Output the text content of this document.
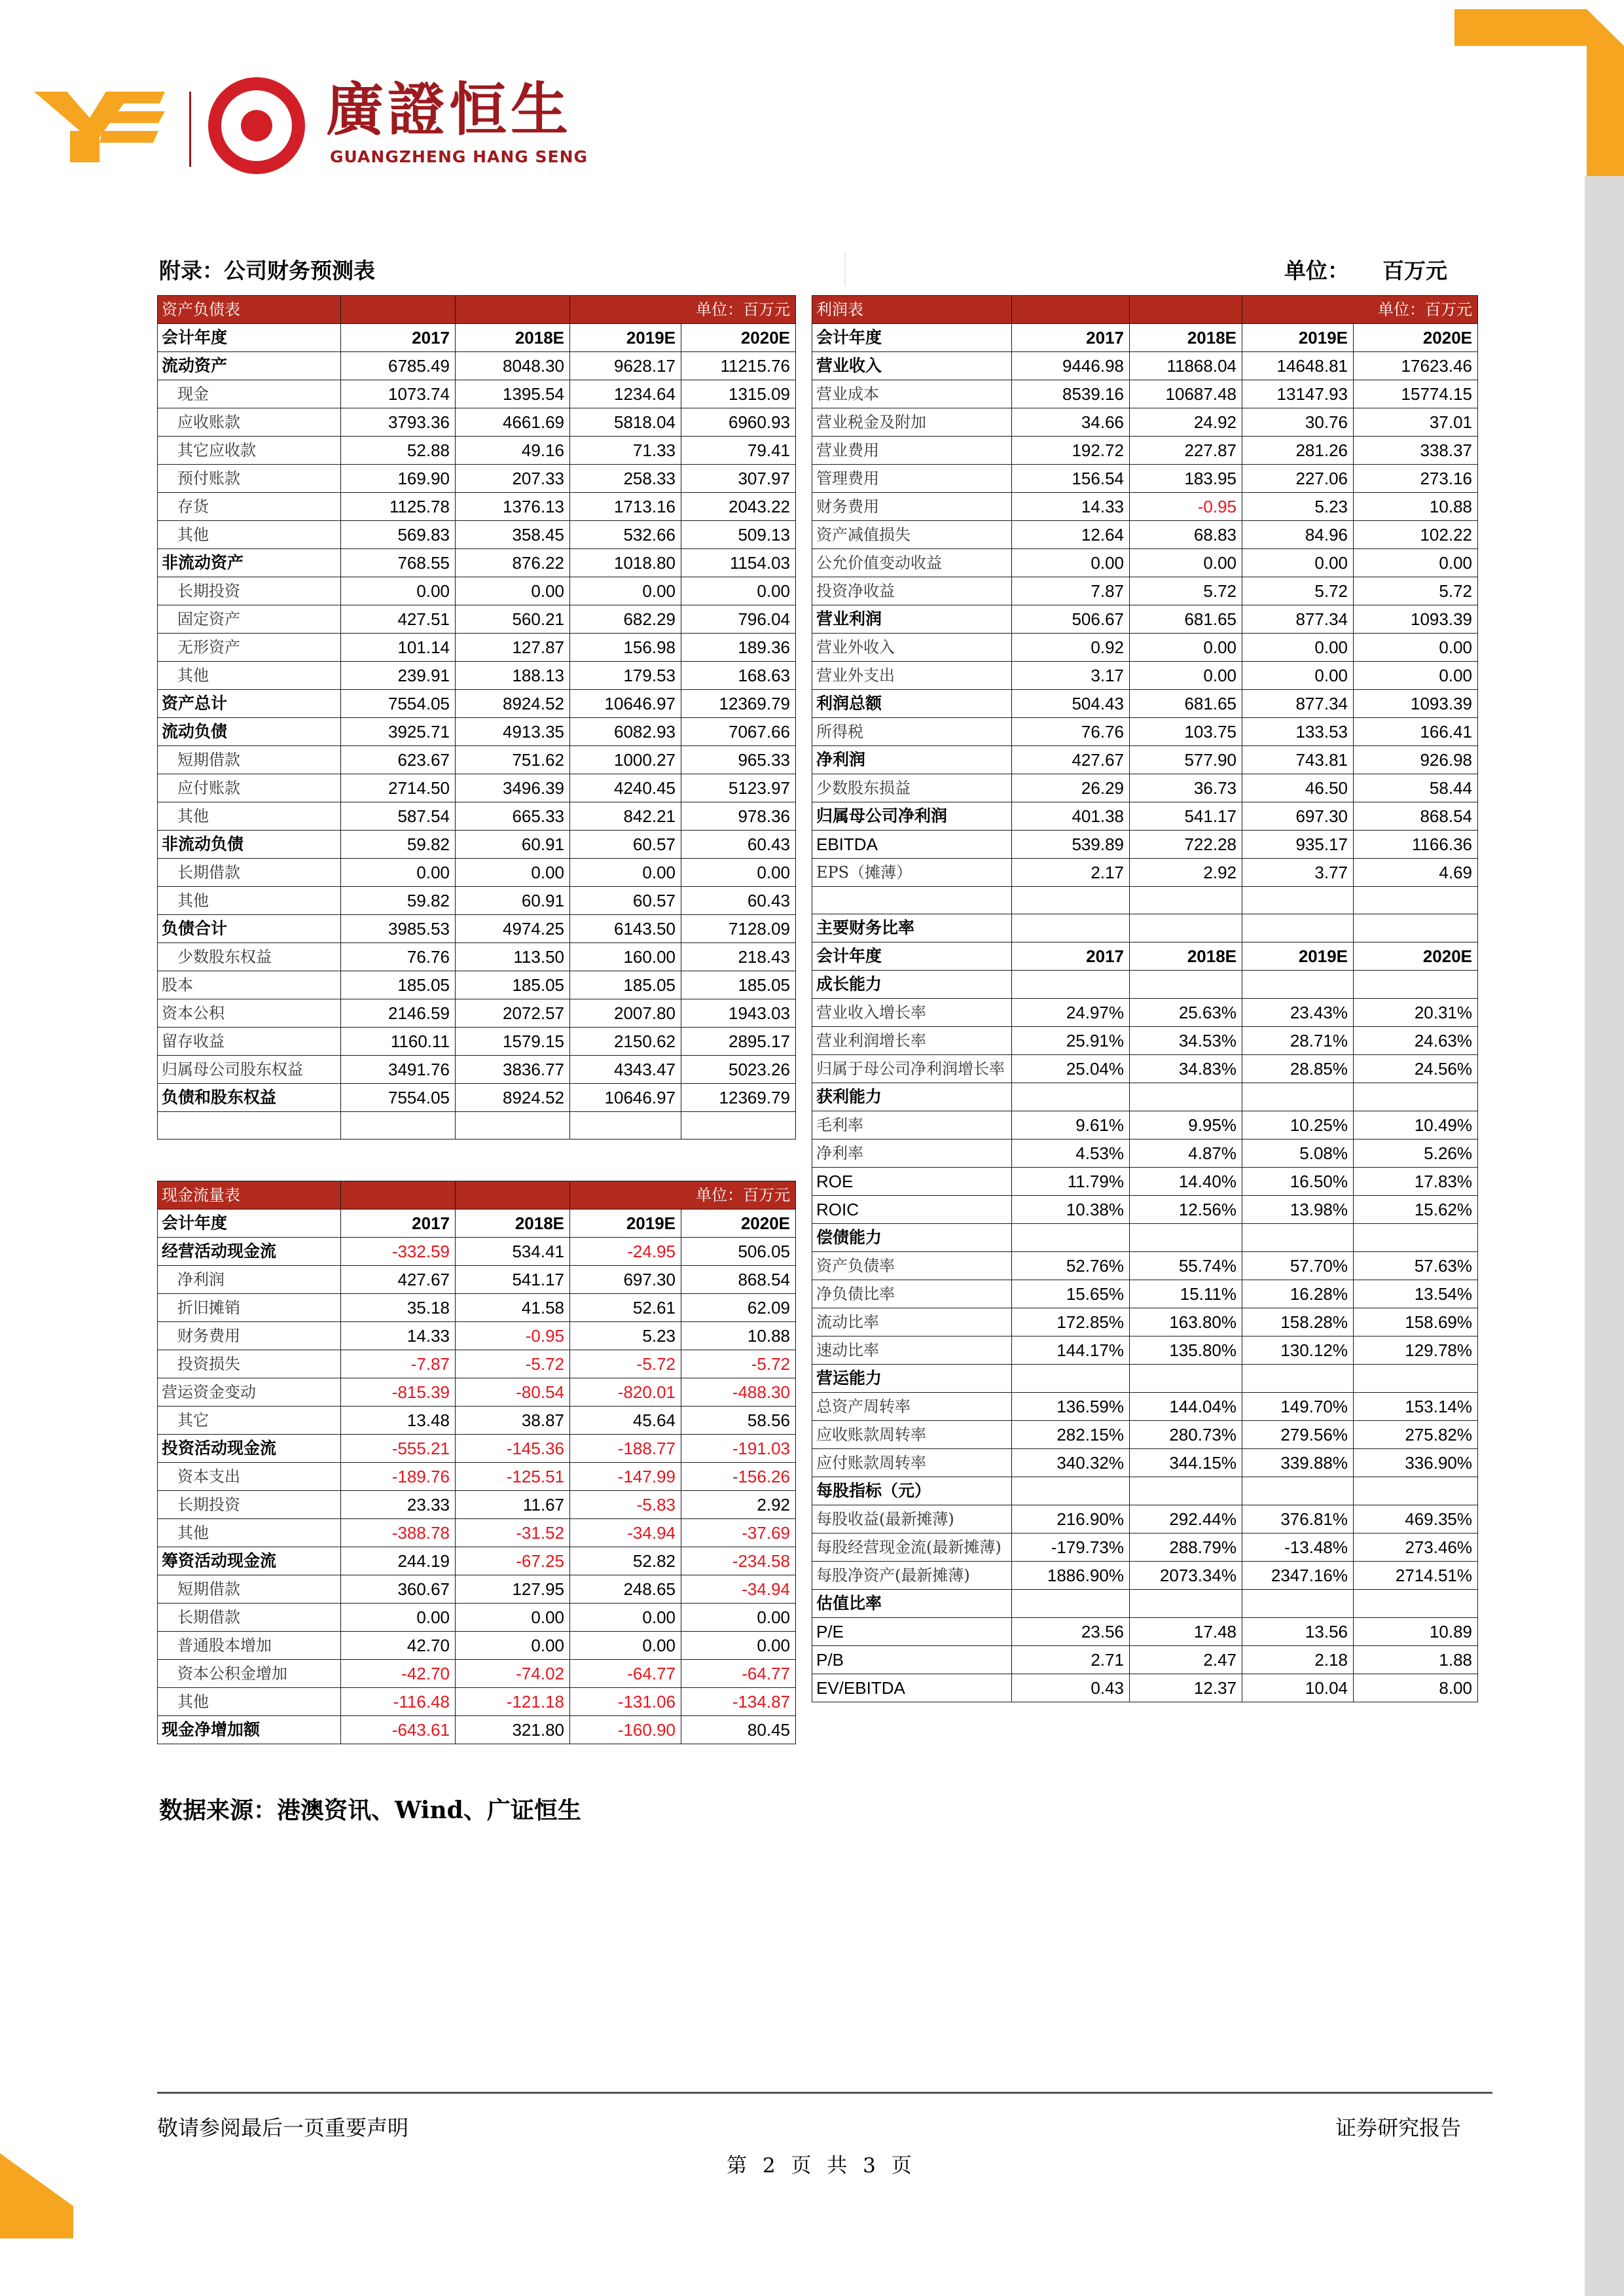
廣證恒生
GUANGZHENG HANG SENG
附录：公司财务预测表	单位： 百万元
资产负债表			单位：百万元	
会计年度	2017	2018E	2019E	2020E
流动资产	6785.49	8048.30	9628.17	11215.76
现金	1073.74	1395.54	1234.64	1315.09
应收账款	3793.36	4661.69	5818.04	6960.93
其它应收款	52.88	49.16	71.33	79.41
预付账款	169.90	207.33	258.33	307.97
存货	1125.78	1376.13	1713.16	2043.22
其他	569.83	358.45	532.66	509.13
非流动资产	768.55	876.22	1018.80	1154.03
长期投资	0.00	0.00	0.00	0.00
固定资产	427.51	560.21	682.29	796.04
无形资产	101.14	127.87	156.98	189.36
其他	239.91	188.13	179.53	168.63
资产总计	7554.05	8924.52	10646.97	12369.79
流动负债	3925.71	4913.35	6082.93	7067.66
短期借款	623.67	751.62	1000.27	965.33
应付账款	2714.50	3496.39	4240.45	5123.97
其他	587.54	665.33	842.21	978.36
非流动负债	59.82	60.91	60.57	60.43
长期借款	0.00	0.00	0.00	0.00
其他	59.82	60.91	60.57	60.43
负债合计	3985.53	4974.25	6143.50	7128.09
少数股东权益	76.76	113.50	160.00	218.43
股本	185.05	185.05	185.05	185.05
资本公积	2146.59	2072.57	2007.80	1943.03
留存收益	1160.11	1579.15	2150.62	2895.17
归属母公司股东权益	3491.76	3836.77	4343.47	5023.26
负债和股东权益	7554.05	8924.52	10646.97	12369.79

利润表			单位：百万元	
会计年度	2017	2018E	2019E	2020E
营业收入	9446.98	11868.04	14648.81	17623.46
营业成本	8539.16	10687.48	13147.93	15774.15
营业税金及附加	34.66	24.92	30.76	37.01
营业费用	192.72	227.87	281.26	338.37
管理费用	156.54	183.95	227.06	273.16
财务费用	14.33	-0.95	5.23	10.88
资产减值损失	12.64	68.83	84.96	102.22
公允价值变动收益	0.00	0.00	0.00	0.00
投资净收益	7.87	5.72	5.72	5.72
营业利润	506.67	681.65	877.34	1093.39
营业外收入	0.92	0.00	0.00	0.00
营业外支出	3.17	0.00	0.00	0.00
利润总额	504.43	681.65	877.34	1093.39
所得税	76.76	103.75	133.53	166.41
净利润	427.67	577.90	743.81	926.98
少数股东损益	26.29	36.73	46.50	58.44
归属母公司净利润	401.38	541.17	697.30	868.54
EBITDA	539.89	722.28	935.17	1166.36
EPS（摊薄）	2.17	2.92	3.77	4.69

主要财务比率				
会计年度	2017	2018E	2019E	2020E
成长能力				
营业收入增长率	24.97%	25.63%	23.43%	20.31%
营业利润增长率	25.91%	34.53%	28.71%	24.63%
归属于母公司净利润增长率	25.04%	34.83%	28.85%	24.56%
获利能力				
毛利率	9.61%	9.95%	10.25%	10.49%
净利率	4.53%	4.87%	5.08%	5.26%
ROE	11.79%	14.40%	16.50%	17.83%
ROIC	10.38%	12.56%	13.98%	15.62%
偿债能力				
资产负债率	52.76%	55.74%	57.70%	57.63%
净负债比率	15.65%	15.11%	16.28%	13.54%
流动比率	172.85%	163.80%	158.28%	158.69%
速动比率	144.17%	135.80%	130.12%	129.78%
营运能力				
总资产周转率	136.59%	144.04%	149.70%	153.14%
应收账款周转率	282.15%	280.73%	279.56%	275.82%
应付账款周转率	340.32%	344.15%	339.88%	336.90%
每股指标（元）				
每股收益(最新摊薄)	216.90%	292.44%	376.81%	469.35%
每股经营现金流(最新摊薄)	-179.73%	288.79%	-13.48%	273.46%
每股净资产(最新摊薄)	1886.90%	2073.34%	2347.16%	2714.51%
估值比率				
P/E	23.56	17.48	13.56	10.89
P/B	2.71	2.47	2.18	1.88
EV/EBITDA	0.43	12.37	10.04	8.00
现金流量表			单位：百万元	
会计年度	2017	2018E	2019E	2020E
经营活动现金流	-332.59	534.41	-24.95	506.05
净利润	427.67	541.17	697.30	868.54
折旧摊销	35.18	41.58	52.61	62.09
财务费用	14.33	-0.95	5.23	10.88
投资损失	-7.87	-5.72	-5.72	-5.72
营运资金变动	-815.39	-80.54	-820.01	-488.30
其它	13.48	38.87	45.64	58.56
投资活动现金流	-555.21	-145.36	-188.77	-191.03
资本支出	-189.76	-125.51	-147.99	-156.26
长期投资	23.33	11.67	-5.83	2.92
其他	-388.78	-31.52	-34.94	-37.69
筹资活动现金流	244.19	-67.25	52.82	-234.58
短期借款	360.67	127.95	248.65	-34.94
长期借款	0.00	0.00	0.00	0.00
普通股本增加	42.70	0.00	0.00	0.00
资本公积金增加	-42.70	-74.02	-64.77	-64.77
其他	-116.48	-121.18	-131.06	-134.87
现金净增加额	-643.61	321.80	-160.90	80.45
数据来源：港澳资讯、Wind、广证恒生
敬请参阅最后一页重要声明	证券研究报告
第 2 页 共 3 页
